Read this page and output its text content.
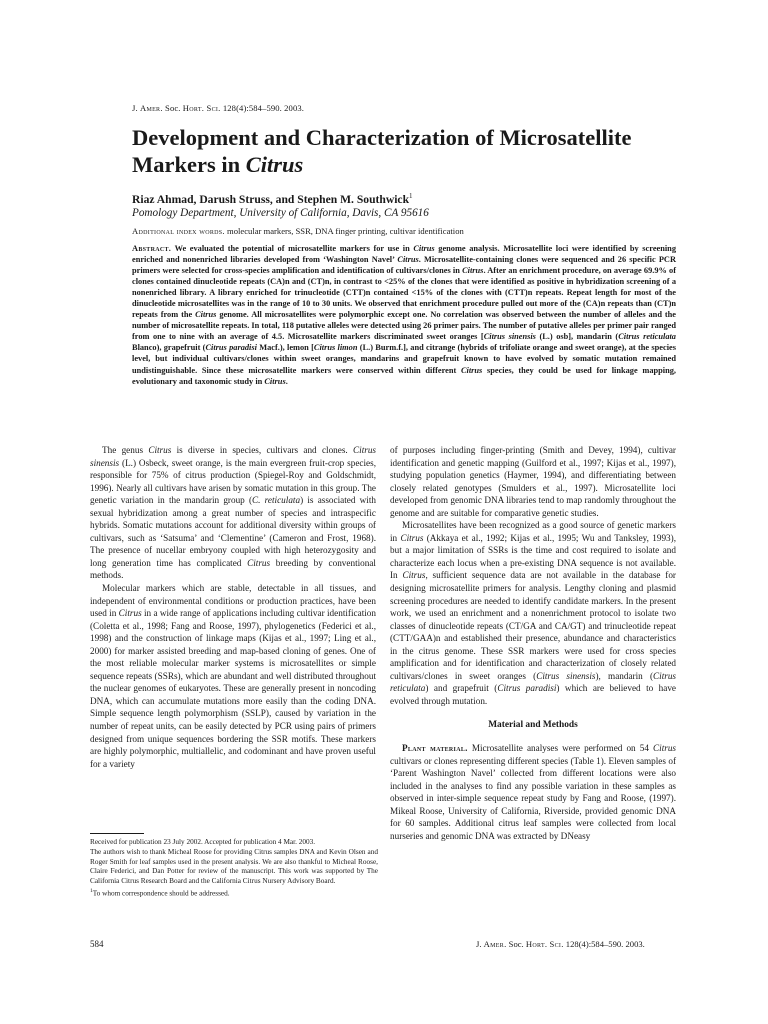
J. Amer. Soc. Hort. Sci. 128(4):584–590. 2003.
Development and Characterization of Microsatellite
Markers in Citrus
Riaz Ahmad, Darush Struss, and Stephen M. Southwick$^1$
Pomology Department, University of California, Davis, CA 95616
Additional index words. molecular markers, SSR, DNA finger printing, cultivar identification

Abstract. We evaluated the potential of microsatellite markers for use in Citrus genome analysis. Microsatellite loci were identified by screening enriched and nonenriched libraries developed from ‘Washington Navel’ Citrus. Microsatellite-containing clones were sequenced and 26 specific PCR primers were selected for cross-species amplification and identification of cultivars/clones in Citrus. After an enrichment procedure, on average 69.9% of clones contained dinucleotide repeats (CA)n and (CT)n, in contrast to <25% of the clones that were identified as positive in hybridization screening of a nonenriched library. A library enriched for trinucleotide (CTT)n contained <15% of the clones with (CTT)n repeats. Repeat length for most of the dinucleotide microsatellites was in the range of 10 to 30 units. We observed that enrichment procedure pulled out more of the (CA)n repeats than (CT)n repeats from the Citrus genome. All microsatellites were polymorphic except one. No correlation was observed between the number of alleles and the number of microsatellite repeats. In total, 118 putative alleles were detected using 26 primer pairs. The number of putative alleles per primer pair ranged from one to nine with an average of 4.5. Microsatellite markers discriminated sweet oranges [Citrus sinensis (L.) osb], mandarin (Citrus reticulata Blanco), grapefruit (Citrus paradisi Macf.), lemon [Citrus limon (L.) Burm.f.], and citrange (hybrids of trifoliate orange and sweet orange), at the species level, but individual cultivars/clones within sweet oranges, mandarins and grapefruit known to have evolved by somatic mutation remained undistinguishable. Since these microsatellite markers were conserved within different Citrus species, they could be used for linkage mapping, evolutionary and taxonomic study in Citrus.

The genus Citrus is diverse in species, cultivars and clones. Citrus sinensis (L.) Osbeck, sweet orange, is the main evergreen fruit-crop species, responsible for 75% of citrus production (Spiegel-Roy and Goldschmidt, 1996). Nearly all cultivars have arisen by somatic mutation in this group. The genetic variation in the mandarin group (C. reticulata) is associated with sexual hybridization among a great number of species and intraspecific hybrids. Somatic mutations account for additional diversity within groups of cultivars, such as ‘Satsuma’ and ‘Clementine’ (Cameron and Frost, 1968). The presence of nucellar embryony coupled with high heterozygosity and long generation time has complicated Citrus breeding by conventional methods.

Molecular markers which are stable, detectable in all tissues, and independent of environmental conditions or production practices, have been used in Citrus in a wide range of applications including cultivar identification (Coletta et al., 1998; Fang and Roose, 1997), phylogenetics (Federici et al., 1998) and the construction of linkage maps (Kijas et al., 1997; Ling et al., 2000) for marker assisted breeding and map-based cloning of genes. One of the most reliable molecular marker systems is microsatellites or simple sequence repeats (SSRs), which are abundant and well distributed throughout the nuclear genomes of eukaryotes. These are generally present in noncoding DNA, which can accumulate mutations more easily than the coding DNA. Simple sequence length polymorphism (SSLP), caused by variation in the number of repeat units, can be easily detected by PCR using pairs of primers designed from unique sequences bordering the SSR motifs. These markers are highly polymorphic, multiallelic, and codominant and have proven useful for a variety

of purposes including finger-printing (Smith and Devey, 1994), cultivar identification and genetic mapping (Guilford et al., 1997; Kijas et al., 1997), studying population genetics (Haymer, 1994), and differentiating between closely related genotypes (Smulders et al., 1997). Microsatellite loci developed from genomic DNA libraries tend to map randomly throughout the genome and are suitable for comparative genetic studies.

Microsatellites have been recognized as a good source of genetic markers in Citrus (Akkaya et al., 1992; Kijas et al., 1995; Wu and Tanksley, 1993), but a major limitation of SSRs is the time and cost required to isolate and characterize each locus when a pre-existing DNA sequence is not available. In Citrus, sufficient sequence data are not available in the database for designing microsatellite primers for analysis. Lengthy cloning and plasmid screening procedures are needed to identify candidate markers. In the present work, we used an enrichment and a nonenrichment protocol to isolate two classes of dinucleotide repeats (CT/GA and CA/GT) and trinucleotide repeat (CTT/GAA)n and established their presence, abundance and characteristics in the citrus genome. These SSR markers were used for cross species amplification and for identification and characterization of closely related cultivars/clones in sweet oranges (Citrus sinensis), mandarin (Citrus reticulata) and grapefruit (Citrus paradisi) which are believed to have evolved through mutation.

Material and Methods

Plant material. Microsatellite analyses were performed on 54 Citrus cultivars or clones representing different species (Table 1). Eleven samples of ‘Parent Washington Navel’ collected from different locations were also included in the analyses to find any possible variation in these samples as observed in inter-simple sequence repeat study by Fang and Roose, (1997). Mikeal Roose, University of California, Riverside, provided genomic DNA for 60 samples. Additional citrus leaf samples were collected from local nurseries and genomic DNA was extracted by DNeasy

Received for publication 23 July 2002. Accepted for publication 4 Mar. 2003.

The authors wish to thank Micheal Roose for providing Citrus samples DNA and Kevin Olsen and Roger Smith for leaf samples used in the present analysis. We are also thankful to Micheal Roose, Claire Federici, and Dan Potter for review of the manuscript. This work was supported by The California Citrus Research Board and the California Citrus Nursery Advisory Board.

$^1$To whom correspondence should be addressed.

584	J. Amer. Soc. Hort. Sci. 128(4):584–590. 2003.
